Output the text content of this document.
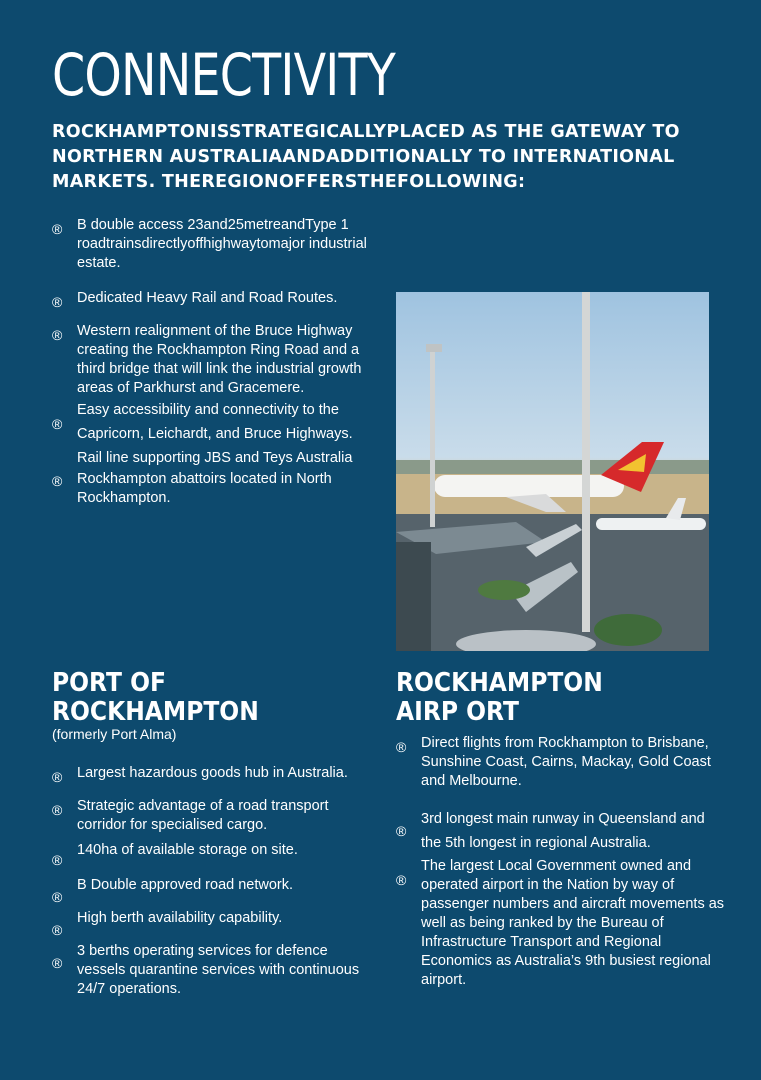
CONNECTIVITY
ROCKHAMPTONISSTRATEGICALLYPLACED AS THE GATEWAY TO NORTHERN AUSTRALIAANDADDITIONALLY TO INTERNATIONAL MARKETS. THEREGIONOFFERSTHEFOLLOWING:
® B double access 23and25metreandType 1 roadtrainsdirectlyoffhighwaytomajor industrial estate.
® Dedicated Heavy Rail and Road Routes.
® Western realignment of the Bruce Highway creating the Rockhampton Ring Road and a third bridge that will link the industrial growth areas of Parkhurst and Gracemere.
®
Easy accessibility and connectivity to the Capricorn, Leichardt, and Bruce Highways.
Rail line supporting JBS and Teys Australia
® Rockhampton abattoirs located in North Rockhampton.
PORT OF
ROCKHAMPTON
(formerly Port Alma)
® Largest hazardous goods hub in Australia.
® Strategic advantage of a road transport corridor for specialised cargo.
®
140ha of available storage on site.
®
B Double approved road network.
®
High berth availability capability.
®
3 berths operating services for defence vessels quarantine services with continuous 24/7 operations.
ROCKHAMPTON
AIRP ORT
® Direct flights from Rockhampton to Brisbane, Sunshine Coast, Cairns, Mackay, Gold Coast and Melbourne.
®
3rd longest main runway in Queensland and the 5th longest in regional Australia.
®
The largest Local Government owned and operated airport in the Nation by way of passenger numbers and aircraft movements as well as being ranked by the Bureau of Infrastructure Transport and Regional Economics as Australia’s 9th busiest regional airport.
